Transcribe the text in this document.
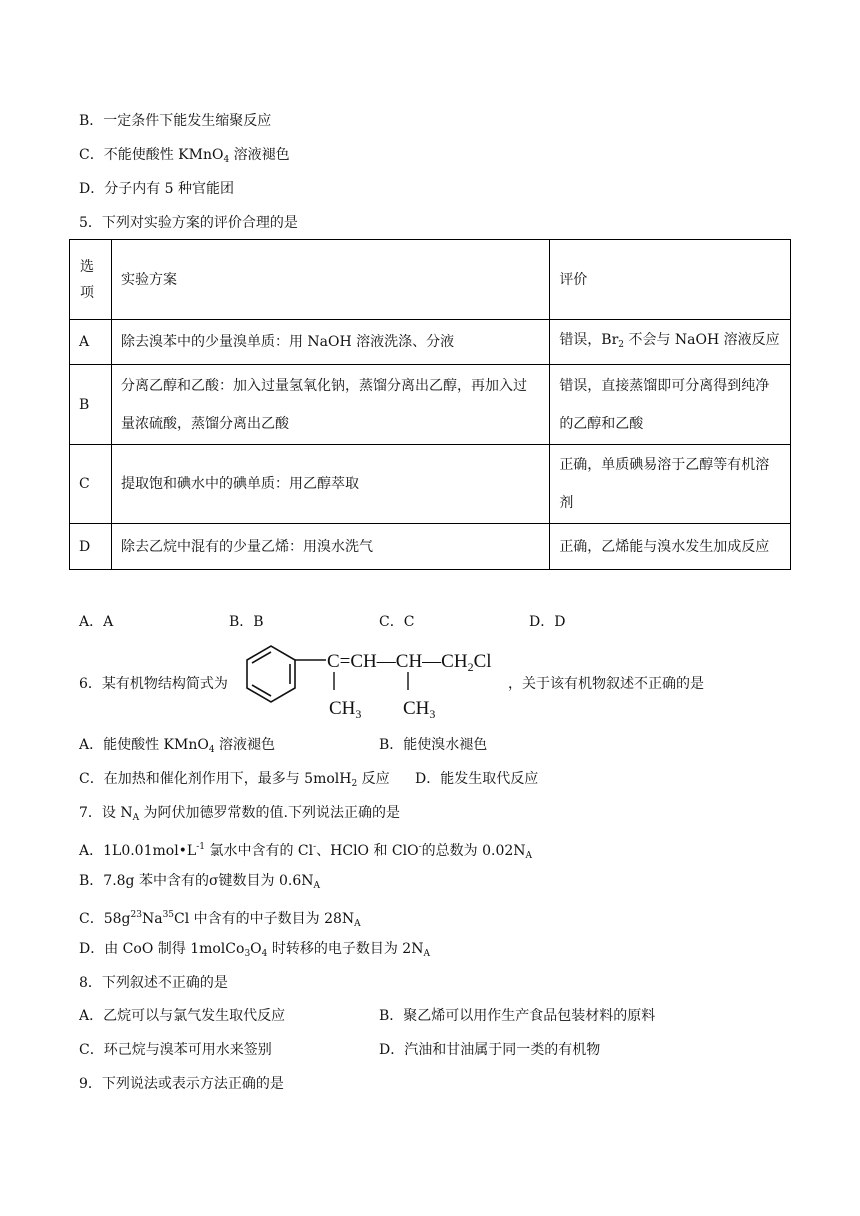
B．一定条件下能发生缩聚反应
C．不能使酸性 KMnO$_4$ 溶液褪色
D．分子内有 5 种官能团
5．下列对实验方案的评价合理的是
选项	实验方案	评价
A	除去溴苯中的少量溴单质：用 NaOH 溶液洗涤、分液	错误，$Br_2$ 不会与 NaOH 溶液反应
B	分离乙醇和乙酸：加入过量氢氧化钠，蒸馏分离出乙醇，再加入过量浓硫酸，蒸馏分离出乙酸	错误，直接蒸馏即可分离得到纯净的乙醇和乙酸
C	提取饱和碘水中的碘单质：用乙醇萃取	正确，单质碘易溶于乙醇等有机溶剂
D	除去乙烷中混有的少量乙烯：用溴水洗气	正确，乙烯能与溴水发生加成反应
A．A	B．B	C．C	D．D
6．某有机物结构简式为
$C=CH—CH—CH_2Cl$
$CH_3$ $CH_3$
，关于该有机物叙述不正确的是
A．能使酸性 KMnO$_4$ 溶液褪色	B．能使溴水褪色
C．在加热和催化剂作用下，最多与 5molH$_2$ 反应 D．能发生取代反应
7．设 $N_A$ 为阿伏加德罗常数的值.下列说法正确的是
A．$1L0.01mol•L^{-1}$ 氯水中含有的 Cl-、HClO 和 ClO-的总数为 $0.02N_A$
B．7.8g 苯中含有的σ键数目为 $0.6N_A$
C．$58g^{23}Na^{35}Cl$ 中含有的中子数目为 $28N_A$
D．由 CoO 制得 $1molCo_3O_4$ 时转移的电子数目为 $2N_A$
8．下列叙述不正确的是
A．乙烷可以与氯气发生取代反应	B．聚乙烯可以用作生产食品包装材料的原料
C．环己烷与溴苯可用水来签别	D．汽油和甘油属于同一类的有机物
9．下列说法或表示方法正确的是
